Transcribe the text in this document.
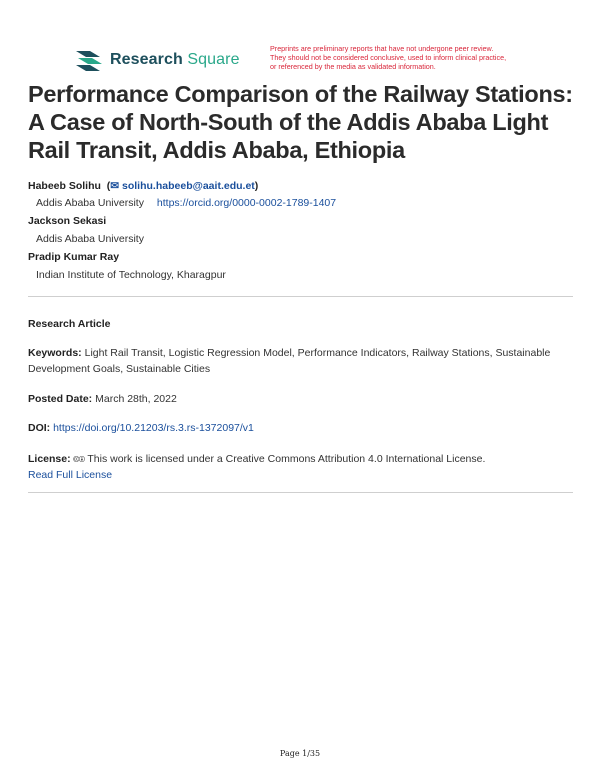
Research Square
Preprints are preliminary reports that have not undergone peer review.
They should not be considered conclusive, used to inform clinical practice,
or referenced by the media as validated information.
Performance Comparison of the Railway Stations: A Case of North-South of the Addis Ababa Light Rail Transit, Addis Ababa, Ethiopia
Habeeb Solihu  (✉ solihu.habeeb@aait.edu.et)
Addis Ababa University https://orcid.org/0000-0002-1789-1407
Jackson Sekasi
Addis Ababa University
Pradip Kumar Ray
Indian Institute of Technology, Kharagpur
Research Article
Keywords: Light Rail Transit, Logistic Regression Model, Performance Indicators, Railway Stations, Sustainable Development Goals, Sustainable Cities
Posted Date: March 28th, 2022
DOI: https://doi.org/10.21203/rs.3.rs-1372097/v1
License: 🅭🅯 This work is licensed under a Creative Commons Attribution 4.0 International License.
Read Full License
Page 1/35
